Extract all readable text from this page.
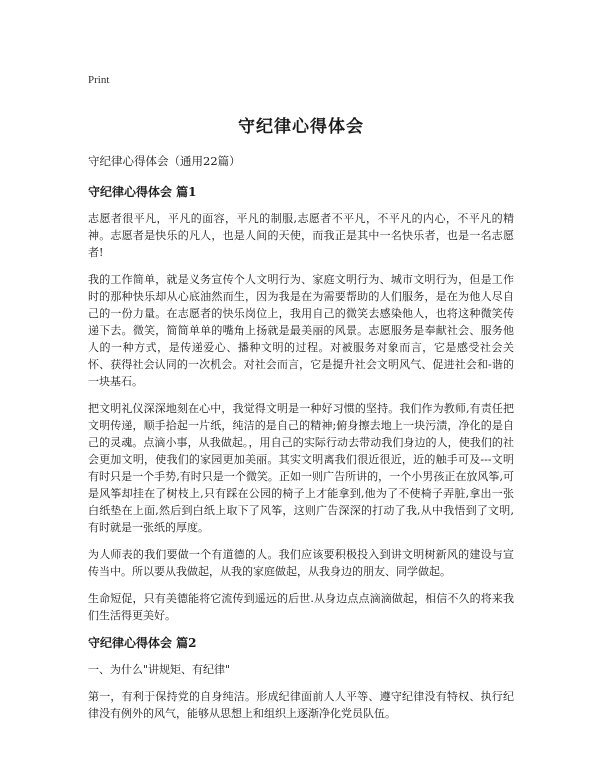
Print
守纪律心得体会

守纪律心得体会（通用22篇）

守纪律心得体会 篇1

志愿者很平凡，平凡的面容，平凡的制服,志愿者不平凡，不平凡的内心，不平凡的精神。志愿者是快乐的凡人，也是人间的天使，而我正是其中一名快乐者，也是一名志愿者!

我的工作简单，就是义务宣传个人文明行为、家庭文明行为、城市文明行为，但是工作时的那种快乐却从心底油然而生，因为我是在为需要帮助的人们服务，是在为他人尽自己的一份力量。在志愿者的快乐岗位上，我用自己的微笑去感染他人，也将这种微笑传递下去。微笑，简简单单的嘴角上扬就是最美丽的风景。志愿服务是奉献社会、服务他人的一种方式，是传递爱心、播种文明的过程。对被服务对象而言，它是感受社会关怀、获得社会认同的一次机会。对社会而言，它是提升社会文明风气、促进社会和-谐的一块基石。

把文明礼仪深深地刻在心中，我觉得文明是一种好习惯的坚持。我们作为教师,有责任把文明传递，顺手拾起一片纸，纯洁的是自己的精神;俯身擦去地上一块污渍，净化的是自己的灵魂。点滴小事，从我做起。，用自己的实际行动去带动我们身边的人，使我们的社会更加文明，使我们的家园更加美丽。其实文明离我们很近很近，近的触手可及---文明有时只是一个手势,有时只是一个微笑。正如一则广告所讲的，一个小男孩正在放风筝,可是风筝却挂在了树枝上,只有踩在公园的椅子上才能拿到,他为了不使椅子弄脏,拿出一张白纸垫在上面,然后到白纸上取下了风筝，这则广告深深的打动了我,从中我悟到了文明,有时就是一张纸的厚度。

为人师表的我们要做一个有道德的人。我们应该要积极投入到讲文明树新风的建设与宣传当中。所以要从我做起，从我的家庭做起，从我身边的朋友、同学做起。

生命短促，只有美德能将它流传到遥远的后世.从身边点点滴滴做起，相信不久的将来我们生活得更美好。

守纪律心得体会 篇2

一、为什么"讲规矩、有纪律"

第一，有利于保持党的自身纯洁。形成纪律面前人人平等、遵守纪律没有特权、执行纪律没有例外的风气，能够从思想上和组织上逐渐净化党员队伍。
